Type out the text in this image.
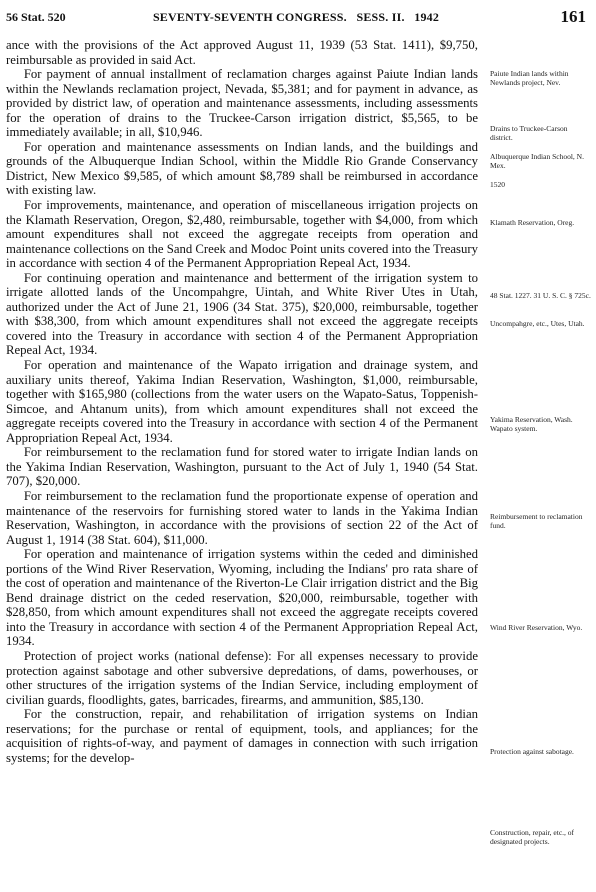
56 Stat. 520	SEVENTY-SEVENTH CONGRESS.   SESS. II.   1942	161

ance with the provisions of the Act approved August 11, 1939 (53 Stat. 1411), $9,750, reimbursable as provided in said Act.

For payment of annual installment of reclamation charges against Paiute Indian lands within the Newlands reclamation project, Nevada, $5,381; and for payment in advance, as provided by district law, of operation and maintenance assessments, including assessments for the operation of drains to the Truckee-Carson irrigation district, $5,565, to be immediately available; in all, $10,946.

For operation and maintenance assessments on Indian lands, and the buildings and grounds of the Albuquerque Indian School, within the Middle Rio Grande Conservancy District, New Mexico $9,585, of which amount $8,789 shall be reimbursed in accordance with existing law.

For improvements, maintenance, and operation of miscellaneous irrigation projects on the Klamath Reservation, Oregon, $2,480, reimbursable, together with $4,000, from which amount expenditures shall not exceed the aggregate receipts from operation and maintenance collections on the Sand Creek and Modoc Point units covered into the Treasury in accordance with section 4 of the Permanent Appropriation Repeal Act, 1934.

For continuing operation and maintenance and betterment of the irrigation system to irrigate allotted lands of the Uncompahgre, Uintah, and White River Utes in Utah, authorized under the Act of June 21, 1906 (34 Stat. 375), $20,000, reimbursable, together with $38,300, from which amount expenditures shall not exceed the aggregate receipts covered into the Treasury in accordance with section 4 of the Permanent Appropriation Repeal Act, 1934.

For operation and maintenance of the Wapato irrigation and drainage system, and auxiliary units thereof, Yakima Indian Reservation, Washington, $1,000, reimbursable, together with $165,980 (collections from the water users on the Wapato-Satus, Toppenish-Simcoe, and Ahtanum units), from which amount expenditures shall not exceed the aggregate receipts covered into the Treasury in accordance with section 4 of the Permanent Appropriation Repeal Act, 1934.

For reimbursement to the reclamation fund for stored water to irrigate Indian lands on the Yakima Indian Reservation, Washington, pursuant to the Act of July 1, 1940 (54 Stat. 707), $20,000.

For reimbursement to the reclamation fund the proportionate expense of operation and maintenance of the reservoirs for furnishing stored water to lands in the Yakima Indian Reservation, Washington, in accordance with the provisions of section 22 of the Act of August 1, 1914 (38 Stat. 604), $11,000.

For operation and maintenance of irrigation systems within the ceded and diminished portions of the Wind River Reservation, Wyoming, including the Indians' pro rata share of the cost of operation and maintenance of the Riverton-Le Clair irrigation district and the Big Bend drainage district on the ceded reservation, $20,000, reimbursable, together with $28,850, from which amount expenditures shall not exceed the aggregate receipts covered into the Treasury in accordance with section 4 of the Permanent Appropriation Repeal Act, 1934.

Protection of project works (national defense): For all expenses necessary to provide protection against sabotage and other subversive depredations, of dams, powerhouses, or other structures of the irrigation systems of the Indian Service, including employment of civilian guards, floodlights, gates, barricades, firearms, and ammunition, $85,130.

For the construction, repair, and rehabilitation of irrigation systems on Indian reservations; for the purchase or rental of equipment, tools, and appliances; for the acquisition of rights-of-way, and payment of damages in connection with such irrigation systems; for the develop-

Paiute Indian lands within Newlands project, Nev.
Drains to Truckee-Carson district.
Albuquerque Indian School, N. Mex.
1520
Klamath Reservation, Oreg.
48 Stat. 1227. 31 U. S. C. § 725c.
Uncompahgre, etc., Utes, Utah.
Yakima Reservation, Wash. Wapato system.
Reimbursement to reclamation fund.
Wind River Reservation, Wyo.
Protection against sabotage.
Construction, repair, etc., of designated projects.
